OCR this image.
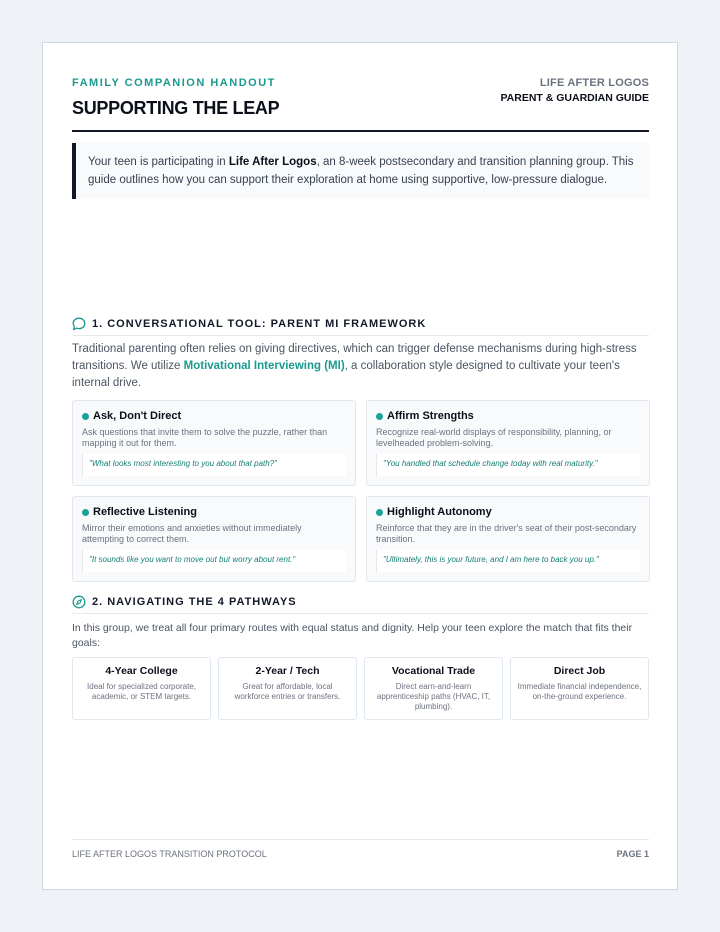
FAMILY COMPANION HANDOUT
SUPPORTING THE LEAP
LIFE AFTER LOGOS
PARENT & GUARDIAN GUIDE
Your teen is participating in Life After Logos, an 8-week postsecondary and transition planning group. This guide outlines how you can support their exploration at home using supportive, low-pressure dialogue.
1. CONVERSATIONAL TOOL: PARENT MI FRAMEWORK
Traditional parenting often relies on giving directives, which can trigger defense mechanisms during high-stress transitions. We utilize Motivational Interviewing (MI), a collaboration style designed to cultivate your teen's internal drive.
Ask, Don't Direct
Ask questions that invite them to solve the puzzle, rather than mapping it out for them.
"What looks most interesting to you about that path?"
Affirm Strengths
Recognize real-world displays of responsibility, planning, or levelheaded problem-solving.
"You handled that schedule change today with real maturity."
Reflective Listening
Mirror their emotions and anxieties without immediately attempting to correct them.
"It sounds like you want to move out but worry about rent."
Highlight Autonomy
Reinforce that they are in the driver's seat of their post-secondary transition.
"Ultimately, this is your future, and I am here to back you up."
2. NAVIGATING THE 4 PATHWAYS
In this group, we treat all four primary routes with equal status and dignity. Help your teen explore the match that fits their goals:
4-Year College
Ideal for specialized corporate, academic, or STEM targets.
2-Year / Tech
Great for affordable, local workforce entries or transfers.
Vocational Trade
Direct earn-and-learn apprenticeship paths (HVAC, IT, plumbing).
Direct Job
Immediate financial independence, on-the-ground experience.
LIFE AFTER LOGOS TRANSITION PROTOCOL	PAGE 1
